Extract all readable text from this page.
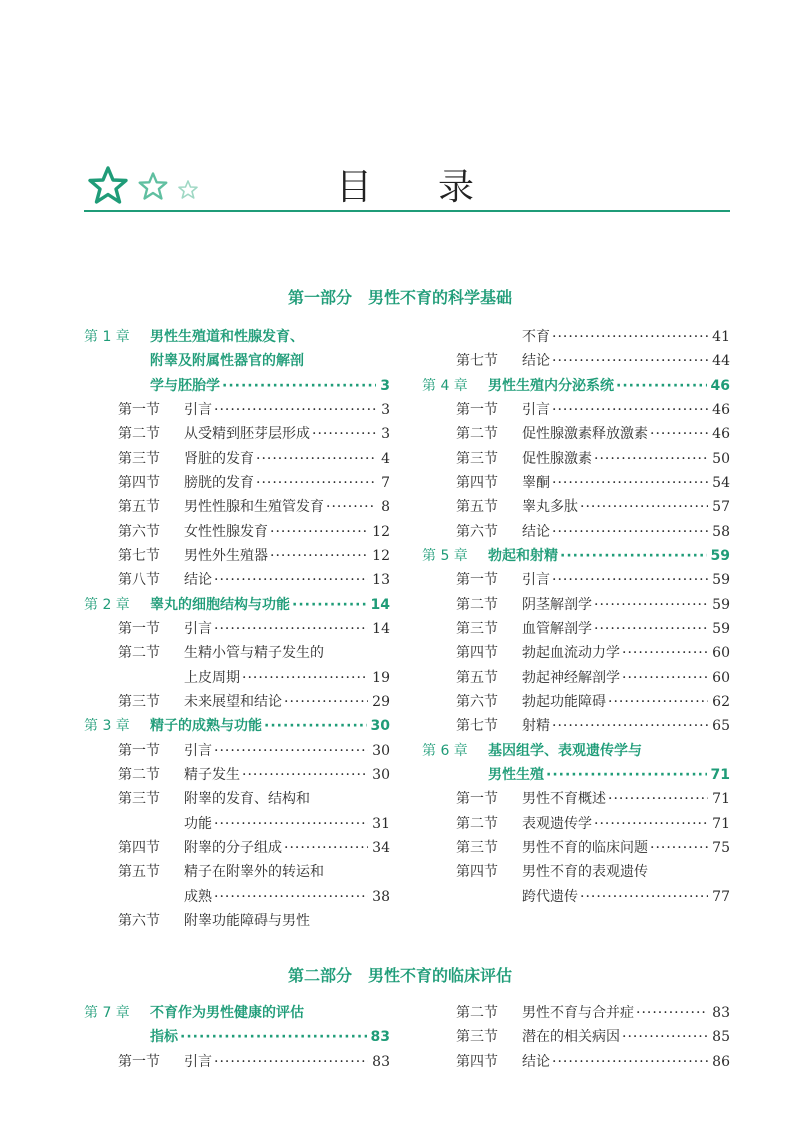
目录
第一部分　男性不育的科学基础
第 1 章 男性生殖道和性腺发育、
附睾及附属性器官的解剖
学与胚胎学 ·····	3
第一节 引言 ·····	3
第二节 从受精到胚芽层形成 ·····	3
第三节 肾脏的发育 ·····	4
第四节 膀胱的发育 ·····	7
第五节 男性性腺和生殖管发育 ·····	8
第六节 女性性腺发育 ·····	12
第七节 男性外生殖器 ·····	12
第八节 结论 ·····	13
第 2 章 睾丸的细胞结构与功能 ·····	14
第一节 引言 ·····	14
第二节 生精小管与精子发生的
上皮周期 ·····	19
第三节 未来展望和结论 ·····	29
第 3 章 精子的成熟与功能 ·····	30
第一节 引言 ·····	30
第二节 精子发生 ·····	30
第三节 附睾的发育、结构和
功能 ·····	31
第四节 附睾的分子组成 ·····	34
第五节 精子在附睾外的转运和
成熟 ·····	38
第六节 附睾功能障碍与男性
不育 ·····	41
第七节 结论 ·····	44
第 4 章 男性生殖内分泌系统 ·····	46
第一节 引言 ·····	46
第二节 促性腺激素释放激素 ·····	46
第三节 促性腺激素 ·····	50
第四节 睾酮 ·····	54
第五节 睾丸多肽 ·····	57
第六节 结论 ·····	58
第 5 章 勃起和射精 ·····	59
第一节 引言 ·····	59
第二节 阴茎解剖学 ·····	59
第三节 血管解剖学 ·····	59
第四节 勃起血流动力学 ·····	60
第五节 勃起神经解剖学 ·····	60
第六节 勃起功能障碍 ·····	62
第七节 射精 ·····	65
第 6 章 基因组学、表观遗传学与
男性生殖 ·····	71
第一节 男性不育概述 ·····	71
第二节 表观遗传学 ·····	71
第三节 男性不育的临床问题 ·····	75
第四节 男性不育的表观遗传
跨代遗传 ·····	77
第二部分　男性不育的临床评估
第 7 章 不育作为男性健康的评估
指标 ·····	83
第一节 引言 ·····	83
第二节 男性不育与合并症 ·····	83
第三节 潜在的相关病因 ·····	85
第四节 结论 ·····	86
